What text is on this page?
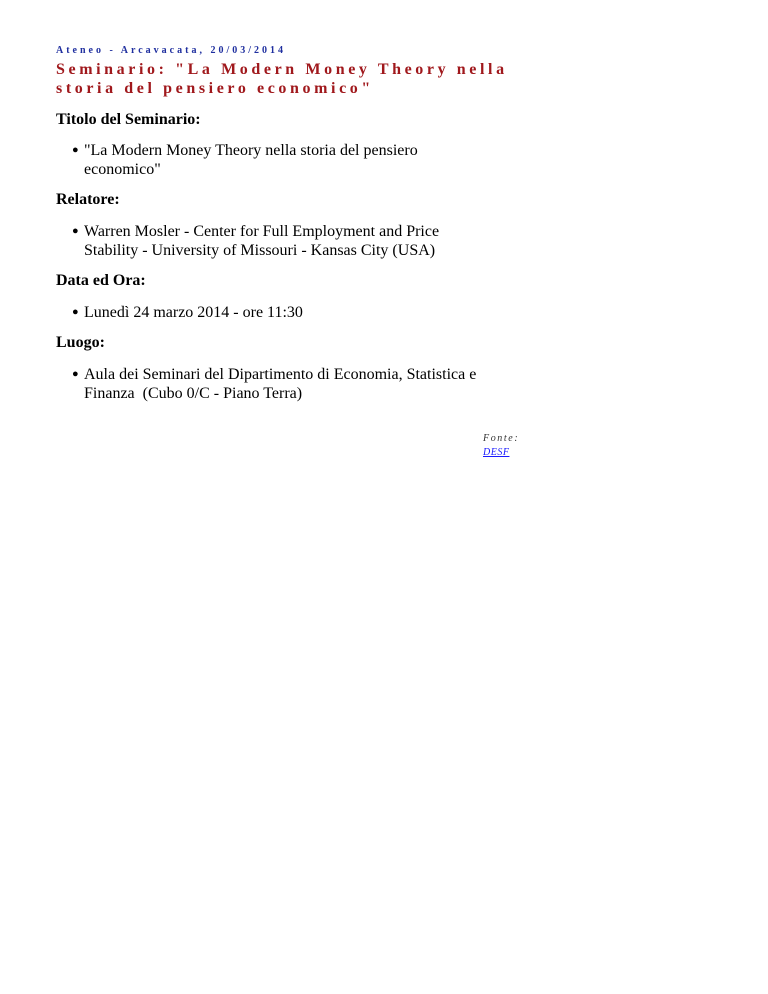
Ateneo - Arcavacata, 20/03/2014
Seminario: "La Modern Money Theory nella
storia del pensiero economico"
Titolo del Seminario:
● "La Modern Money Theory nella storia del pensiero
economico"
Relatore:
● Warren Mosler - Center for Full Employment and Price
Stability - University of Missouri - Kansas City (USA)
Data ed Ora:
● Lunedì 24 marzo 2014 - ore 11:30
Luogo:
● Aula dei Seminari del Dipartimento di Economia, Statistica e
Finanza  (Cubo 0/C - Piano Terra)
Fonte: DESF
